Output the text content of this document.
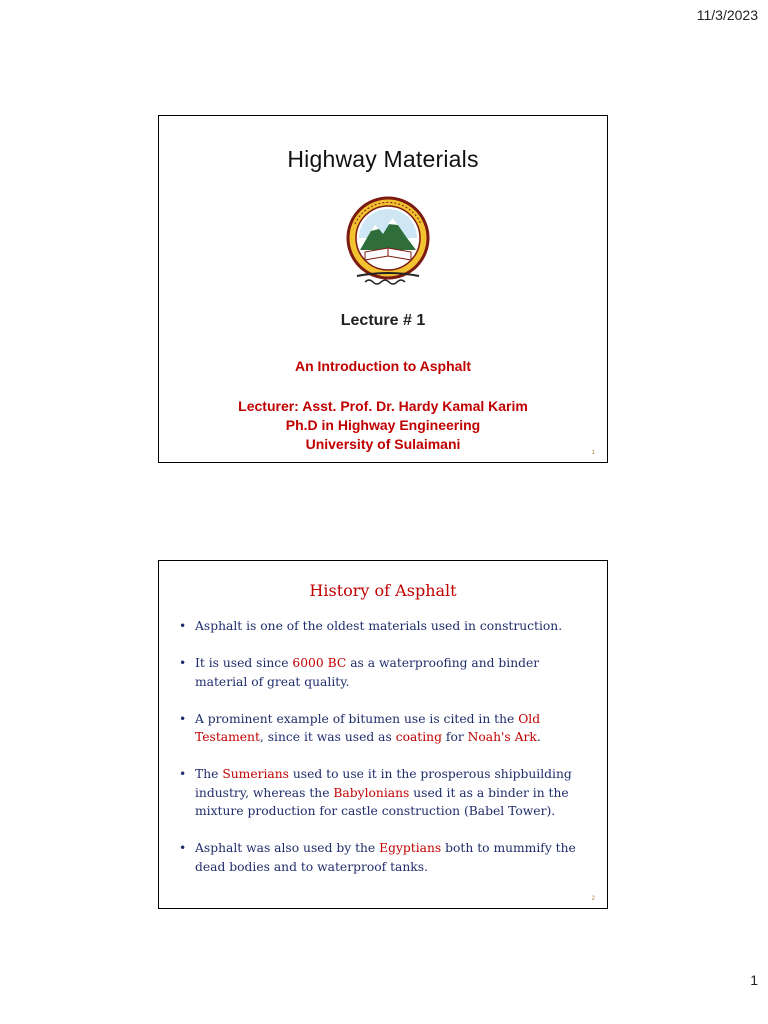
11/3/2023
Highway Materials
Lecture # 1
An Introduction to Asphalt
Lecturer: Asst. Prof. Dr. Hardy Kamal Karim
Ph.D in Highway Engineering
University of Sulaimani
1
History of Asphalt
• Asphalt is one of the oldest materials used in construction.
• It is used since 6000 BC as a waterproofing and binder material of great quality.
• A prominent example of bitumen use is cited in the Old Testament, since it was used as coating for Noah's Ark.
• The Sumerians used to use it in the prosperous shipbuilding industry, whereas the Babylonians used it as a binder in the mixture production for castle construction (Babel Tower).
• Asphalt was also used by the Egyptians both to mummify the dead bodies and to waterproof tanks.
2
1
